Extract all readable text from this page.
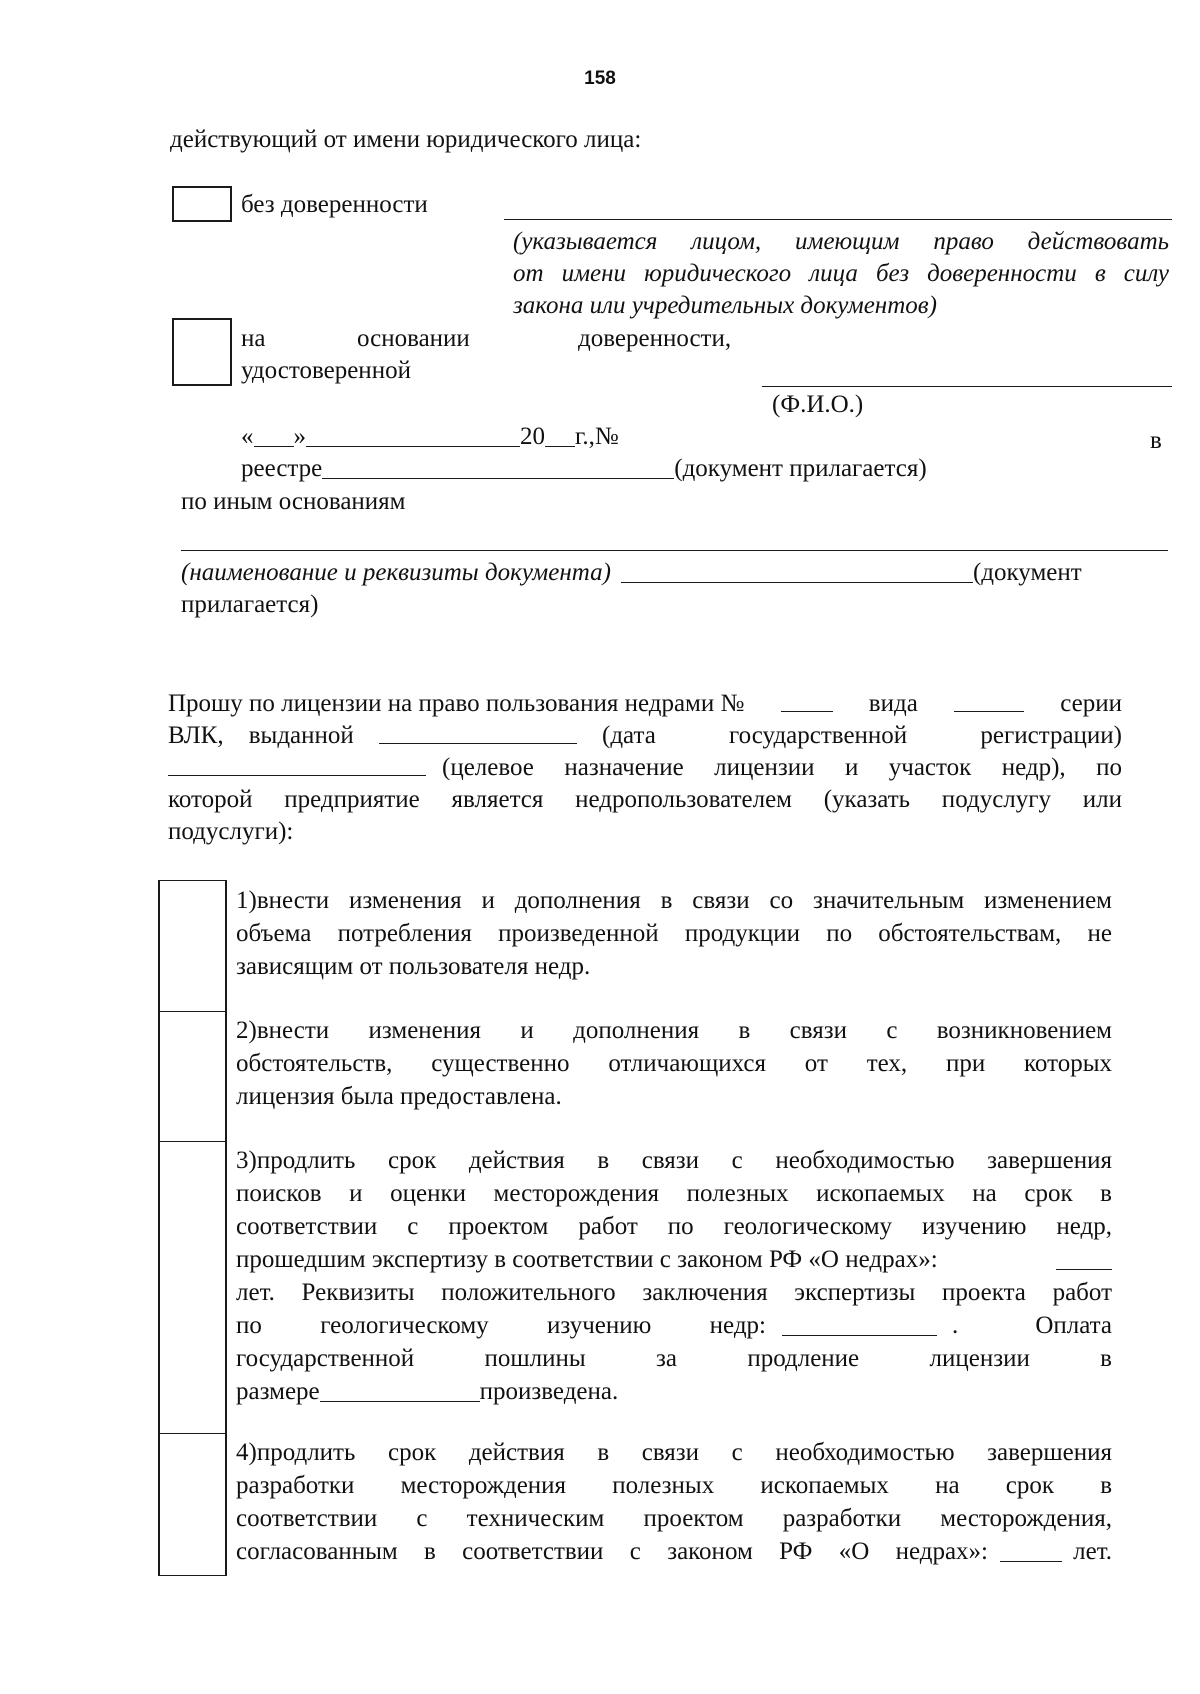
158
действующий от имени юридического лица:
без доверенности
(указывается лицом, имеющим право действовать
от имени юридического лица без доверенности в силу
закона или учредительных документов)
на	основании	доверенности,
удостоверенной
(Ф.И.О.)
« »	20 г.,№	в
реестре	(документ прилагается)
по иным основаниям
(наименование и реквизиты документа)	(документ
прилагается)
Прошу по лицензии на право пользования недрами №	вида	серии
ВЛК, выданной	(дата государственной регистрации)
(целевое назначение лицензии и участок недр), по
которой предприятие является недропользователем (указать подуслугу или
подуслуги):
1)внести изменения и дополнения в связи со значительным изменением
объема потребления произведенной продукции по обстоятельствам, не
зависящим от пользователя недр.
2)внести изменения и дополнения в связи с возникновением
обстоятельств, существенно отличающихся от тех, при которых
лицензия была предоставлена.
3)продлить срок действия в связи с необходимостью завершения
поисков и оценки месторождения полезных ископаемых на срок в
соответствии с проектом работ по геологическому изучению недр,
прошедшим экспертизу в соответствии с законом РФ «О недрах»:
лет. Реквизиты положительного заключения экспертизы проекта работ
по геологическому изучению недр:	. Оплата
государственной пошлины за продление лицензии в
размере	произведена.
4)продлить срок действия в связи с необходимостью завершения
разработки месторождения полезных ископаемых на срок в
соответствии с техническим проектом разработки месторождения,
согласованным в соответствии с законом РФ «О недрах»:	лет.
